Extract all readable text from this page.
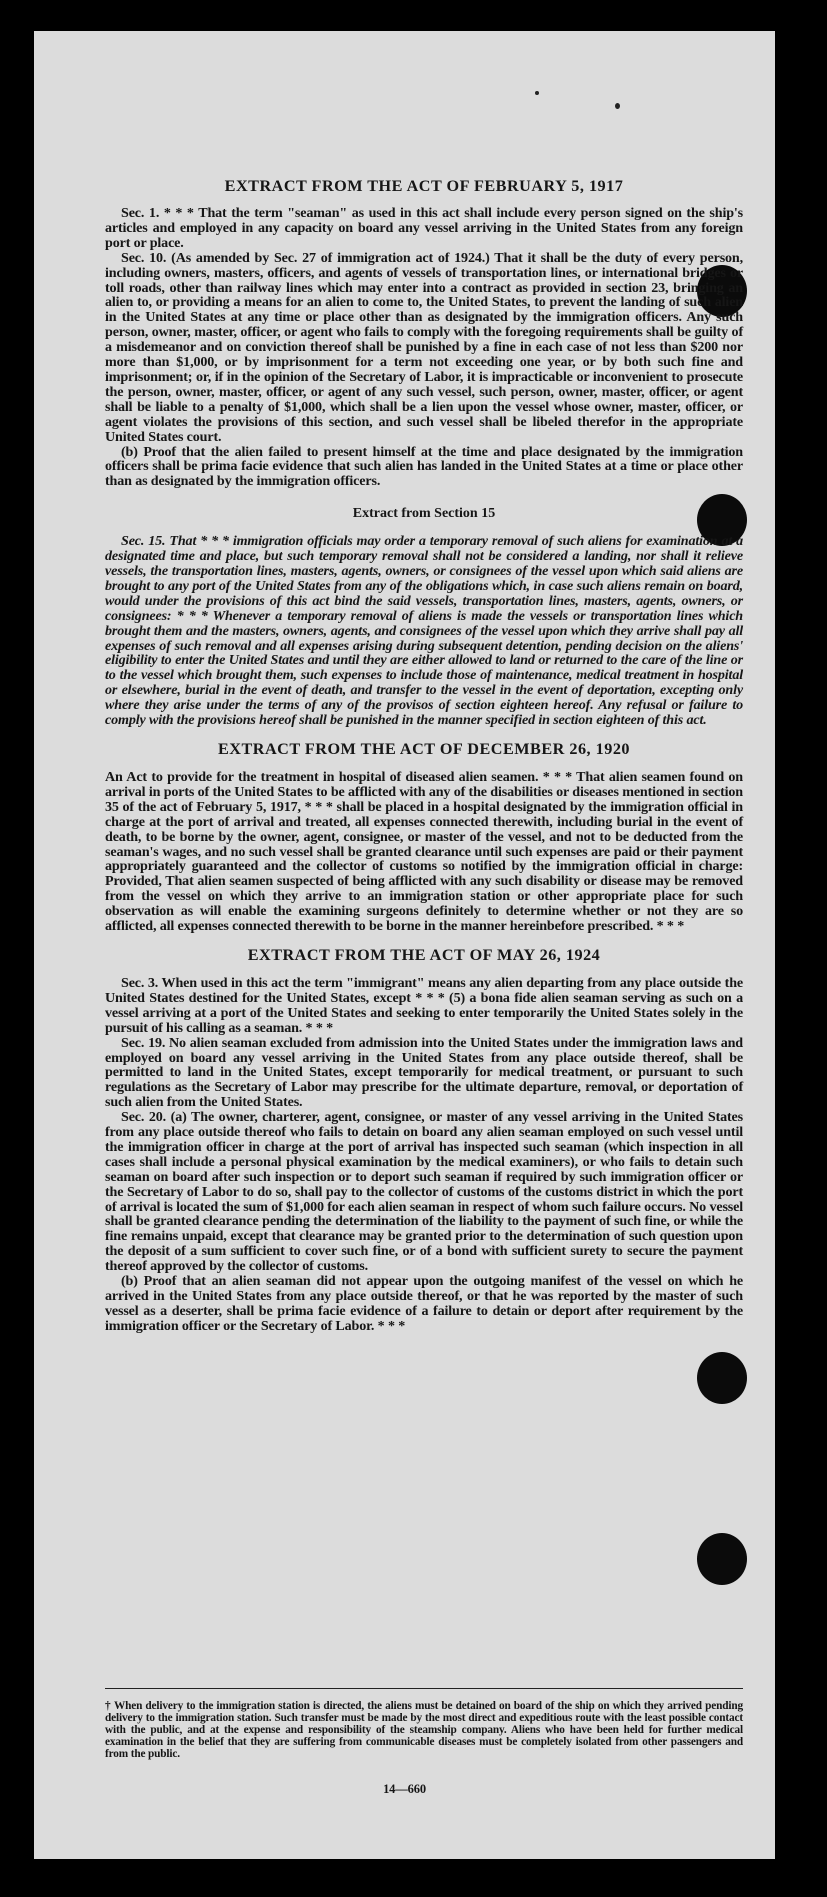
EXTRACT FROM THE ACT OF FEBRUARY 5, 1917

Sec. 1. * * * That the term "seaman" as used in this act shall include every person signed on the ship's articles and employed in any capacity on board any vessel arriving in the United States from any foreign port or place.

Sec. 10. (As amended by Sec. 27 of immigration act of 1924.) That it shall be the duty of every person, including owners, masters, officers, and agents of vessels of transportation lines, or international bridges or toll roads, other than railway lines which may enter into a contract as provided in section 23, bringing an alien to, or providing a means for an alien to come to, the United States, to prevent the landing of such alien in the United States at any time or place other than as designated by the immigration officers. Any such person, owner, master, officer, or agent who fails to comply with the foregoing requirements shall be guilty of a misdemeanor and on conviction thereof shall be punished by a fine in each case of not less than $200 nor more than $1,000, or by imprisonment for a term not exceeding one year, or by both such fine and imprisonment; or, if in the opinion of the Secretary of Labor, it is impracticable or inconvenient to prosecute the person, owner, master, officer, or agent of any such vessel, such person, owner, master, officer, or agent shall be liable to a penalty of $1,000, which shall be a lien upon the vessel whose owner, master, officer, or agent violates the provisions of this section, and such vessel shall be libeled therefor in the appropriate United States court.

(b) Proof that the alien failed to present himself at the time and place designated by the immigration officers shall be prima facie evidence that such alien has landed in the United States at a time or place other than as designated by the immigration officers.

Extract from Section 15

Sec. 15. That * * * immigration officials may order a temporary removal of such aliens for examination at a designated time and place, but such temporary removal shall not be considered a landing, nor shall it relieve vessels, the transportation lines, masters, agents, owners, or consignees of the vessel upon which said aliens are brought to any port of the United States from any of the obligations which, in case such aliens remain on board, would under the provisions of this act bind the said vessels, transportation lines, masters, agents, owners, or consignees: * * * Whenever a temporary removal of aliens is made the vessels or transportation lines which brought them and the masters, owners, agents, and consignees of the vessel upon which they arrive shall pay all expenses of such removal and all expenses arising during subsequent detention, pending decision on the aliens' eligibility to enter the United States and until they are either allowed to land or returned to the care of the line or to the vessel which brought them, such expenses to include those of maintenance, medical treatment in hospital or elsewhere, burial in the event of death, and transfer to the vessel in the event of deportation, excepting only where they arise under the terms of any of the provisos of section eighteen hereof. Any refusal or failure to comply with the provisions hereof shall be punished in the manner specified in section eighteen of this act.

EXTRACT FROM THE ACT OF DECEMBER 26, 1920

An Act to provide for the treatment in hospital of diseased alien seamen. * * * That alien seamen found on arrival in ports of the United States to be afflicted with any of the disabilities or diseases mentioned in section 35 of the act of February 5, 1917, * * * shall be placed in a hospital designated by the immigration official in charge at the port of arrival and treated, all expenses connected therewith, including burial in the event of death, to be borne by the owner, agent, consignee, or master of the vessel, and not to be deducted from the seaman's wages, and no such vessel shall be granted clearance until such expenses are paid or their payment appropriately guaranteed and the collector of customs so notified by the immigration official in charge: Provided, That alien seamen suspected of being afflicted with any such disability or disease may be removed from the vessel on which they arrive to an immigration station or other appropriate place for such observation as will enable the examining surgeons definitely to determine whether or not they are so afflicted, all expenses connected therewith to be borne in the manner hereinbefore prescribed. * * *

EXTRACT FROM THE ACT OF MAY 26, 1924

Sec. 3. When used in this act the term "immigrant" means any alien departing from any place outside the United States destined for the United States, except * * * (5) a bona fide alien seaman serving as such on a vessel arriving at a port of the United States and seeking to enter temporarily the United States solely in the pursuit of his calling as a seaman. * * *

Sec. 19. No alien seaman excluded from admission into the United States under the immigration laws and employed on board any vessel arriving in the United States from any place outside thereof, shall be permitted to land in the United States, except temporarily for medical treatment, or pursuant to such regulations as the Secretary of Labor may prescribe for the ultimate departure, removal, or deportation of such alien from the United States.

Sec. 20. (a) The owner, charterer, agent, consignee, or master of any vessel arriving in the United States from any place outside thereof who fails to detain on board any alien seaman employed on such vessel until the immigration officer in charge at the port of arrival has inspected such seaman (which inspection in all cases shall include a personal physical examination by the medical examiners), or who fails to detain such seaman on board after such inspection or to deport such seaman if required by such immigration officer or the Secretary of Labor to do so, shall pay to the collector of customs of the customs district in which the port of arrival is located the sum of $1,000 for each alien seaman in respect of whom such failure occurs. No vessel shall be granted clearance pending the determination of the liability to the payment of such fine, or while the fine remains unpaid, except that clearance may be granted prior to the determination of such question upon the deposit of a sum sufficient to cover such fine, or of a bond with sufficient surety to secure the payment thereof approved by the collector of customs.

(b) Proof that an alien seaman did not appear upon the outgoing manifest of the vessel on which he arrived in the United States from any place outside thereof, or that he was reported by the master of such vessel as a deserter, shall be prima facie evidence of a failure to detain or deport after requirement by the immigration officer or the Secretary of Labor. * * *

† When delivery to the immigration station is directed, the aliens must be detained on board of the ship on which they arrived pending delivery to the immigration station. Such transfer must be made by the most direct and expeditious route with the least possible contact with the public, and at the expense and responsibility of the steamship company. Aliens who have been held for further medical examination in the belief that they are suffering from communicable diseases must be completely isolated from other passengers and from the public.

14—660
